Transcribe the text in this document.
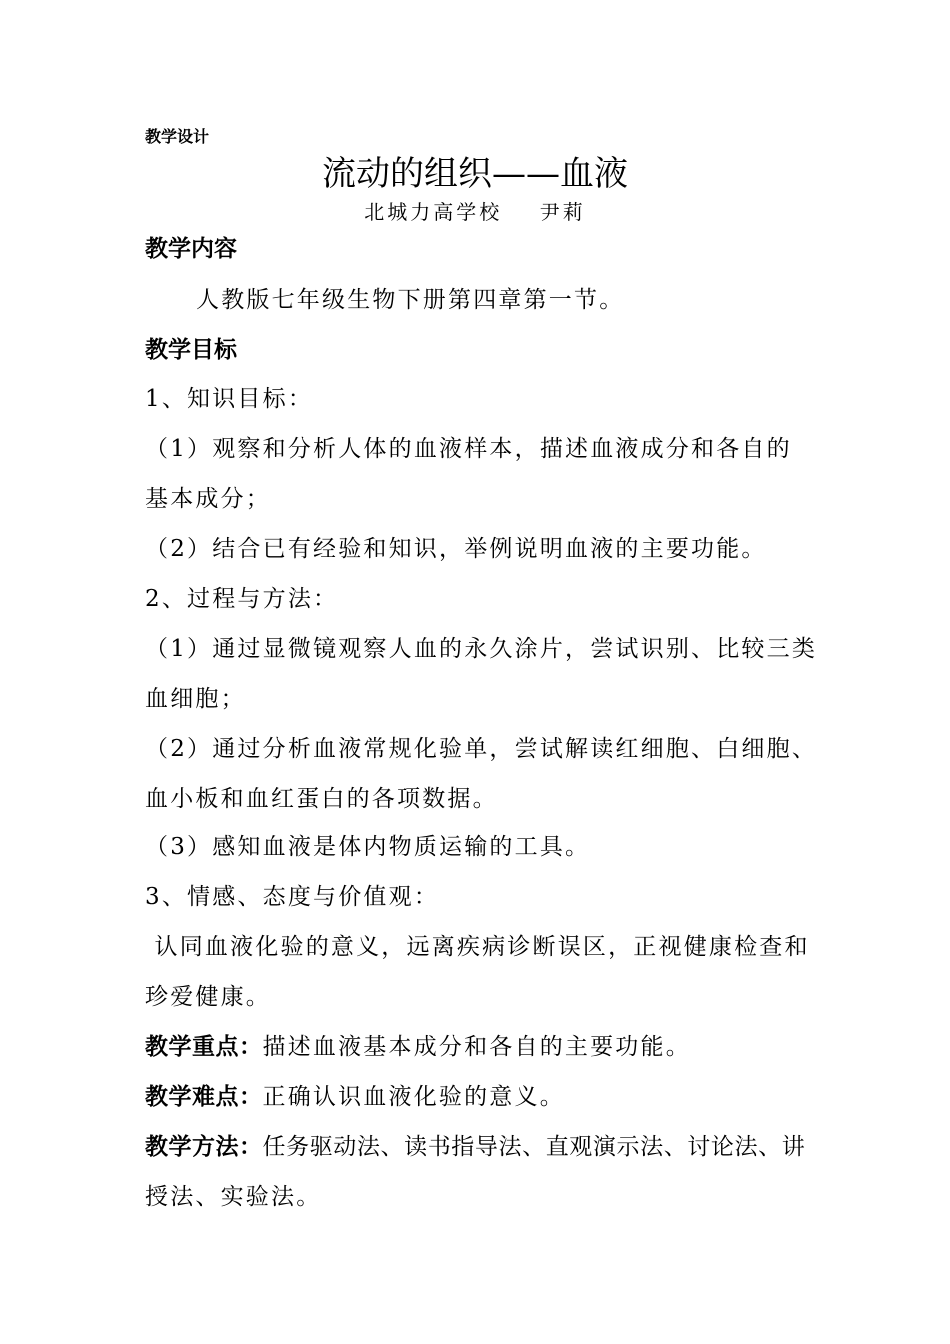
教学设计
流动的组织——血液
北城力高学校    尹莉
教学内容
人教版七年级生物下册第四章第一节。
教学目标
1、知识目标：
（1）观察和分析人体的血液样本，描述血液成分和各自的
基本成分；
（2）结合已有经验和知识，举例说明血液的主要功能。
2、过程与方法：
（1）通过显微镜观察人血的永久涂片，尝试识别、比较三类
血细胞；
（2）通过分析血液常规化验单，尝试解读红细胞、白细胞、
血小板和血红蛋白的各项数据。
（3）感知血液是体内物质运输的工具。
3、情感、态度与价值观：
认同血液化验的意义，远离疾病诊断误区，正视健康检查和
珍爱健康。
教学重点：描述血液基本成分和各自的主要功能。
教学难点：正确认识血液化验的意义。
教学方法：任务驱动法、读书指导法、直观演示法、讨论法、讲
授法、实验法。
